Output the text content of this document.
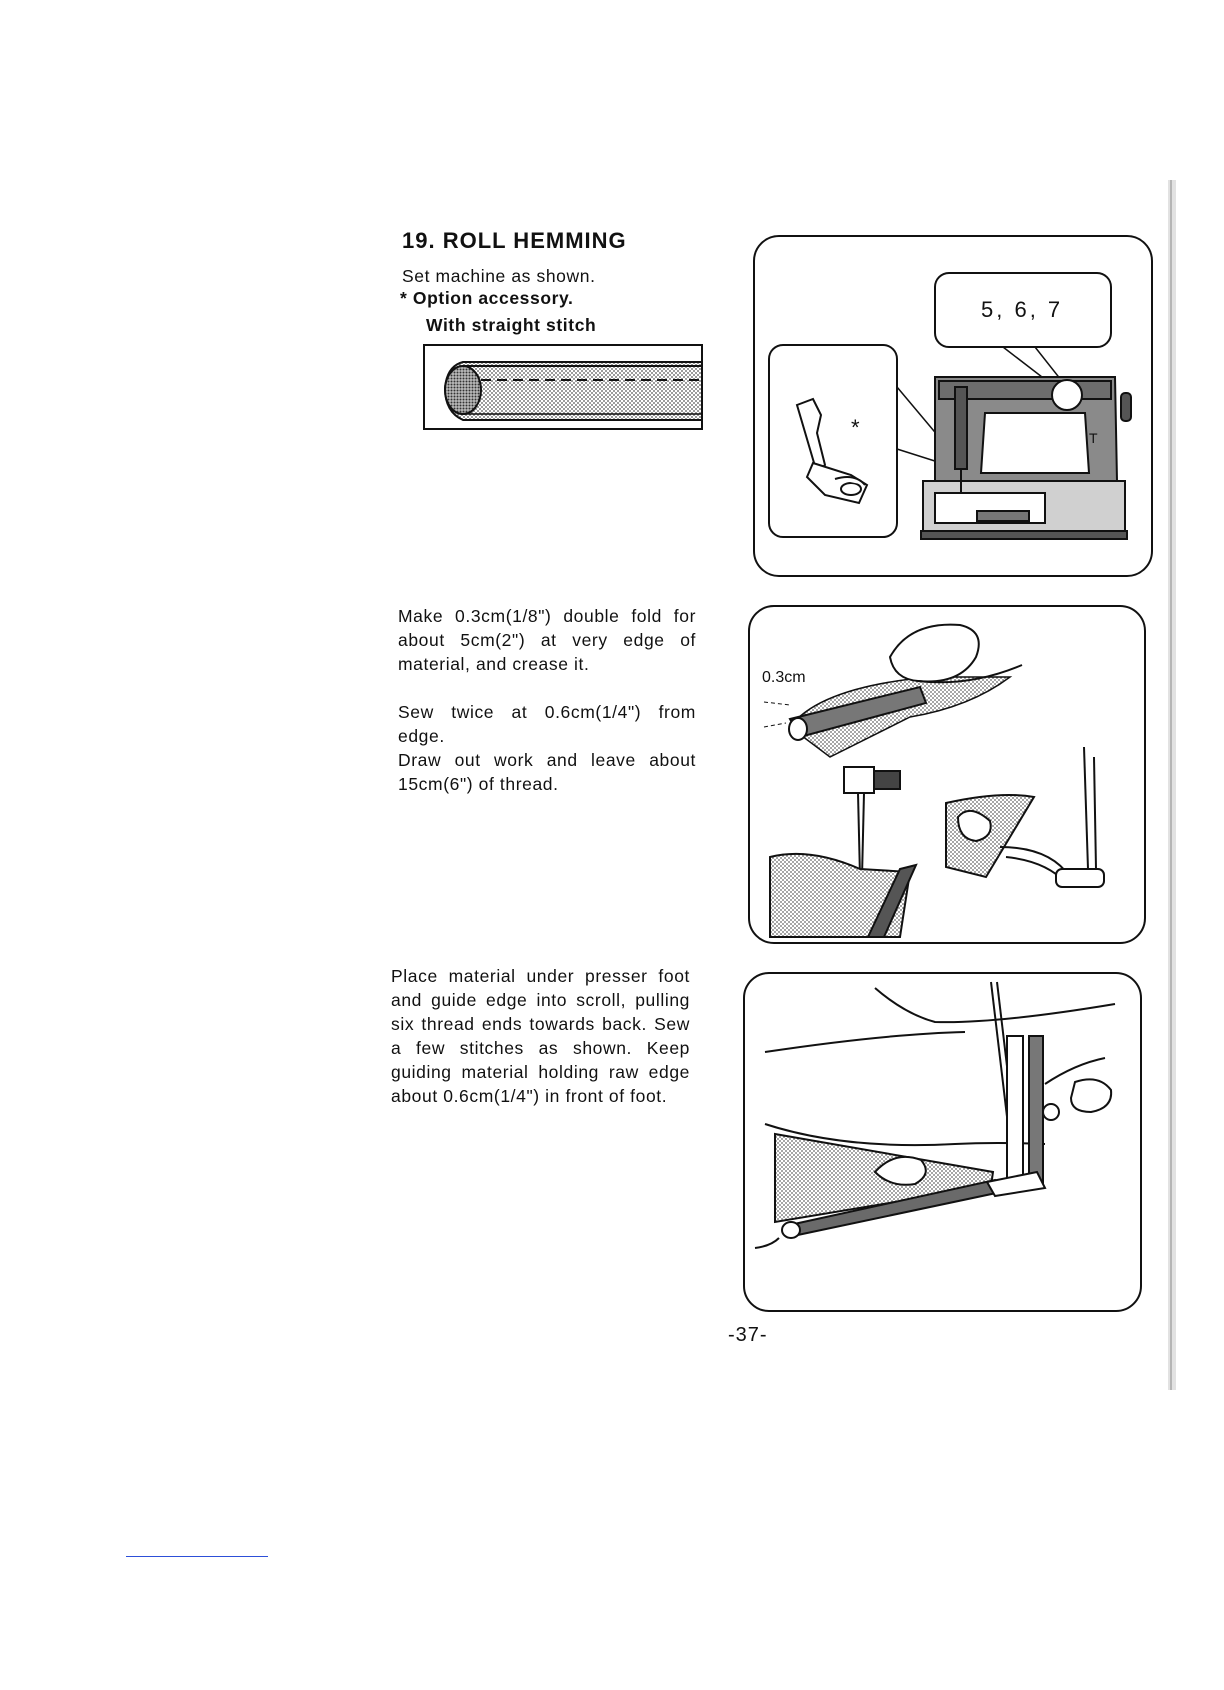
19. ROLL HEMMING
Set machine as shown.
* Option accessory.
With straight stitch
T
5, 6, 7
*
0.3cm

Make 0.3cm(1/8") double fold for about 5cm(2") at very edge of material, and crease it.

Sew twice at 0.6cm(1/4") from edge.

Draw out work and leave about 15cm(6") of thread.

Place material under presser foot and guide edge into scroll, pulling six thread ends towards back. Sew a few stitches as shown. Keep guiding material holding raw edge about 0.6cm(1/4") in front of foot.

-37-
